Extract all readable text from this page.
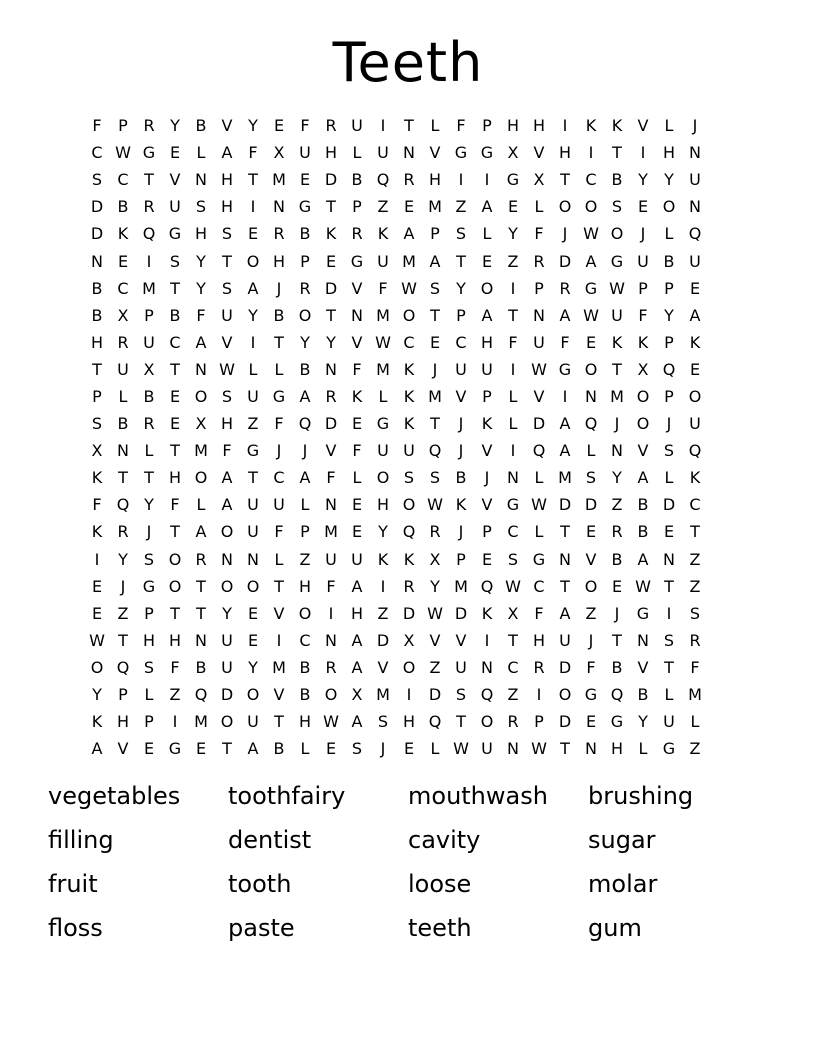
Teeth
F	P R Y B V Y	E	F R U	I	T	L	F	P H H	I	K K V	L	J
C W G E	L	A F X U H L U N V G G X V H	I	T	I	H N
S C T V N H T M E D B Q R H	I	I	G X T C B Y	Y U
D B R U S H	I	N G T	P Z E M Z A E	L O O S E O N
D K Q G H S E R B K R K A P	S	L	Y	F	J W O	J	L Q
N E	I	S	Y	T O H P	E G U M A T	E Z R D A G U B U
B C M T	Y	S A	J	R D V F W S	Y O	I	P R G W P	P	E
B X P B F U Y B O T N M O T	P A T N A W U F	Y A
H R U C A V	I	T	Y	Y V W C E C H F U F	E K K P K
T U X T N W L	L	B N F M K	J	U U	I W G O T X Q E
P	L	B E O S U G A R K	L	K M V P	L	V	I	N M O P O
S B R E X H Z F Q D E G K T	J	K	L D A Q	J	O	J	U
X N L	T M F G	J	J	V F U U Q	J	V	I	Q A	L N V S Q
K T	T H O A T C A F	L O S S B	J	N L M S	Y A	L	K
F Q Y	F	L	A U U L N E H O W K V G W D D Z B D C
K R	J	T A O U F	P M E	Y Q R	J	P C L	T	E R B E	T
I	Y	S O R N N L	Z U U K K X P	E S G N V B A N Z
E	J	G O T O O T H F A	I	R Y M Q W C T O E W T Z
E Z P	T	T	Y	E V O	I	H Z D W D K X F A Z	J	G	I	S
W T H H N U E	I	C N A D X V V	I	T H U	J	T N S R
O Q S	F B U Y M B R A V O Z U N C R D F B V T	F
Y	P	L	Z Q D O V B O X M	I	D S Q Z	I	O G Q B	L M
K H P	I	M O U T H W A S H Q T O R P D E G Y U L
A V E G E	T A B	L	E S	J	E	L W U N W T N H L G Z
vegetables	toothfairy	mouthwash	brushing
filling	dentist	cavity	sugar
fruit	tooth	loose	molar
floss	paste	teeth	gum
